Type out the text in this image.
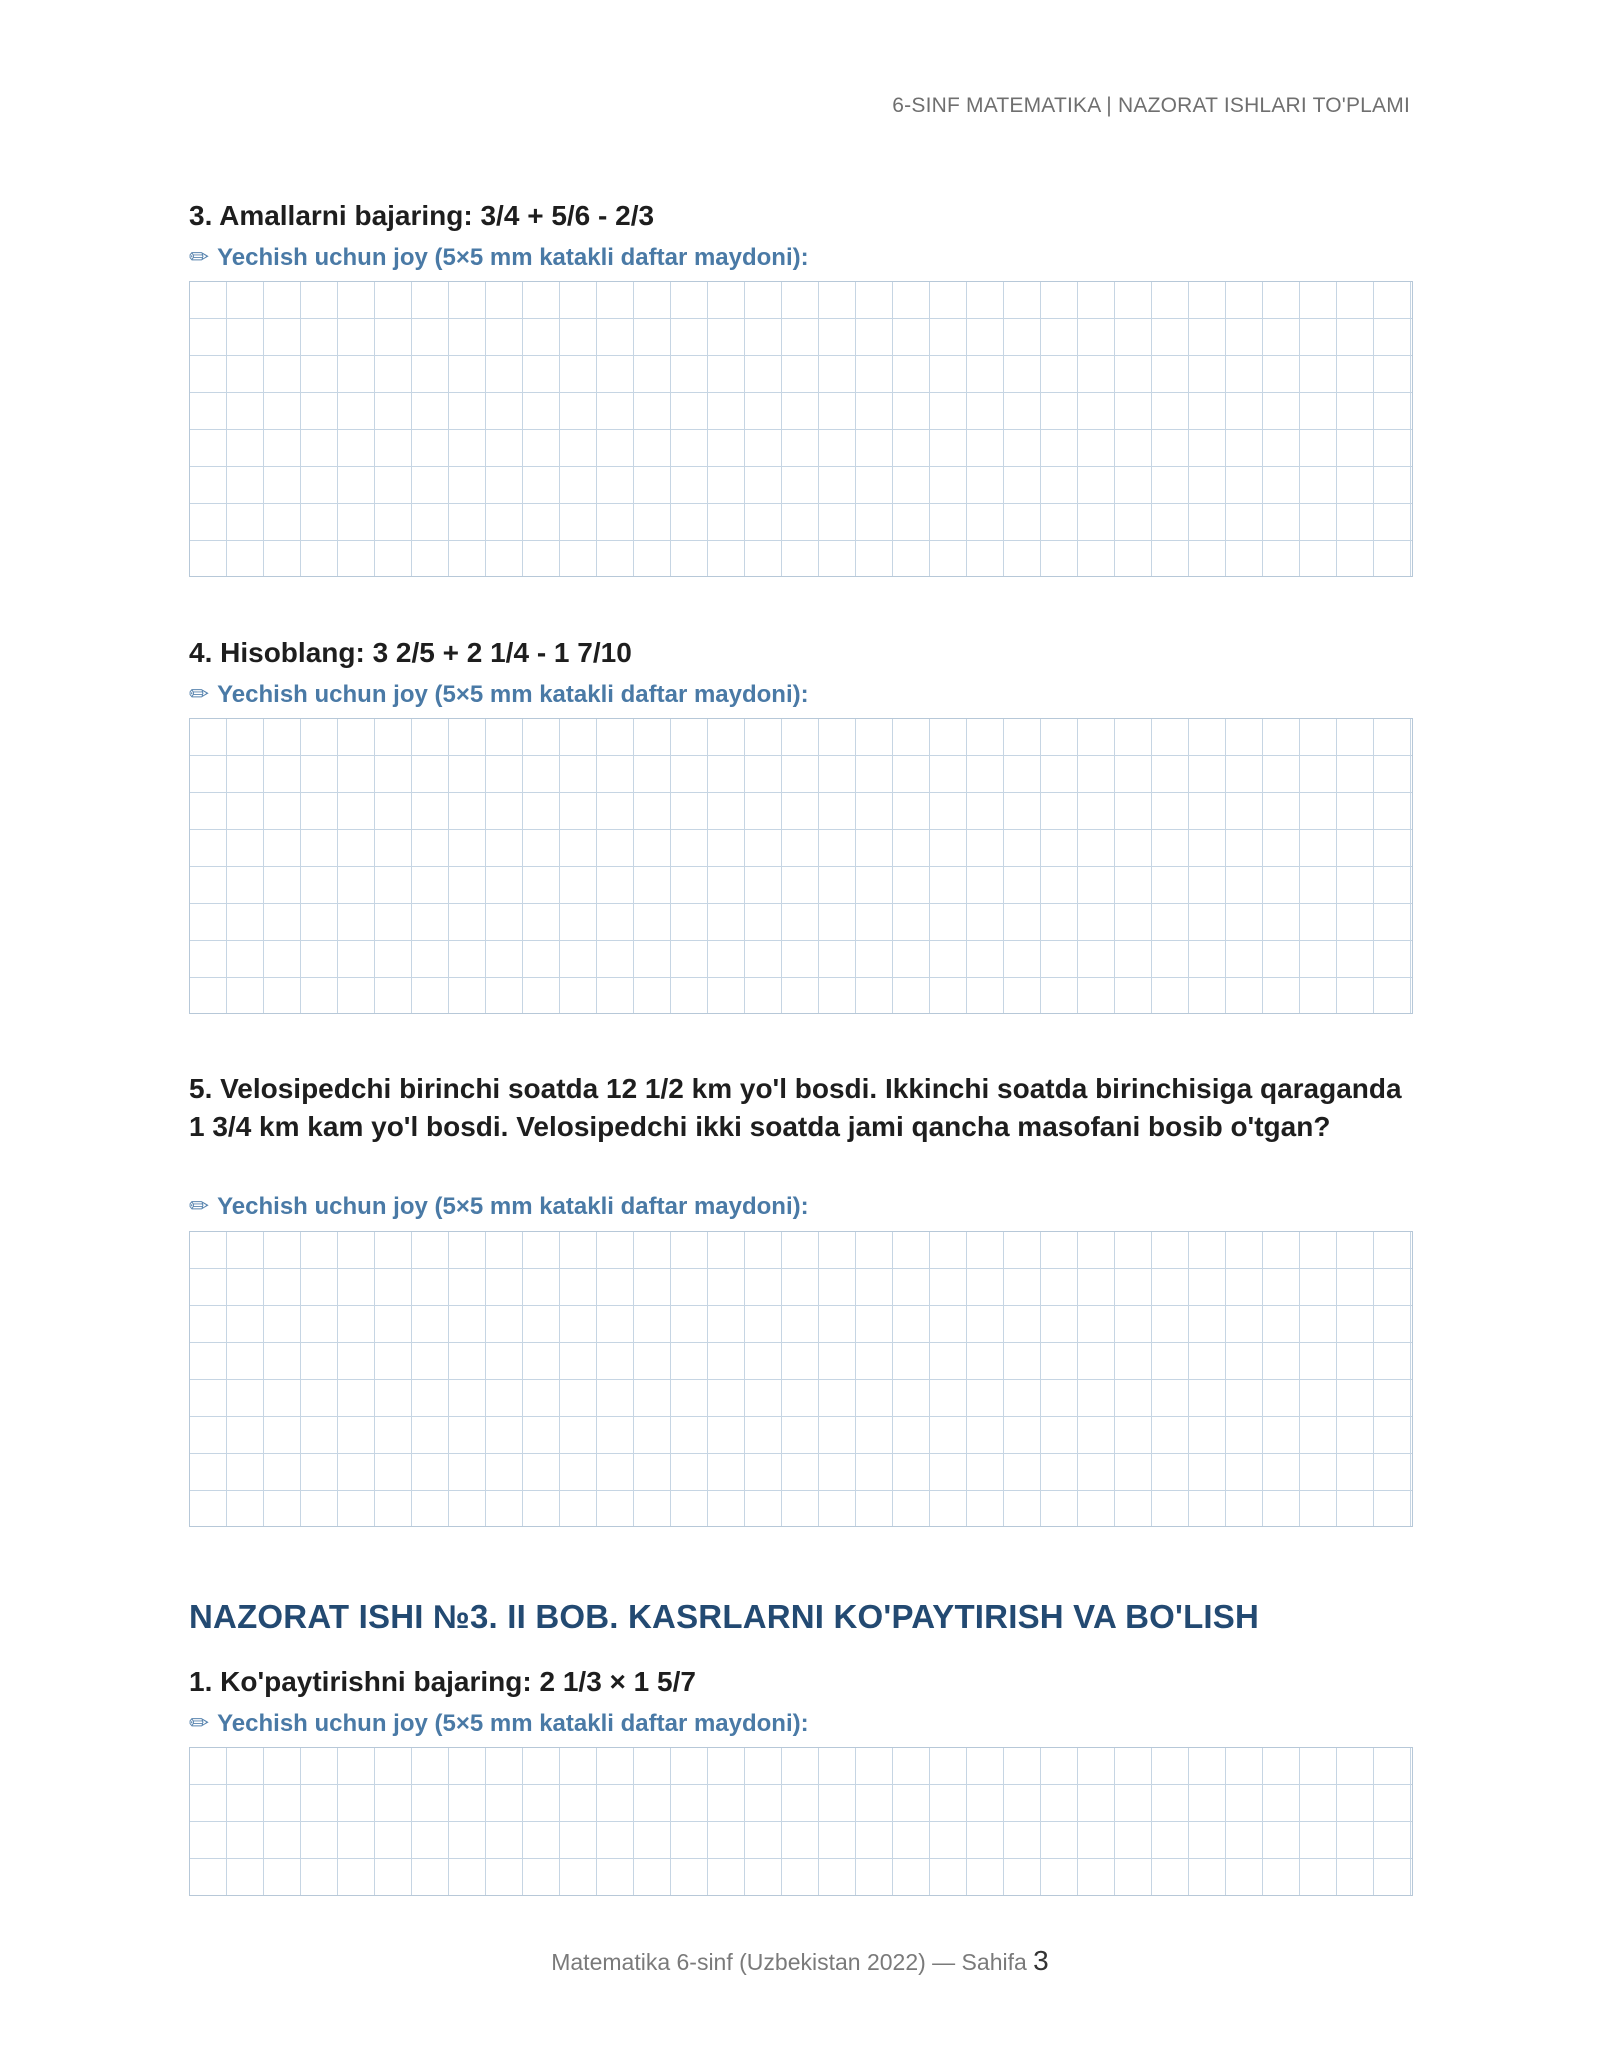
6-SINF MATEMATIKA | NAZORAT ISHLARI TO'PLAMI
3. Amallarni bajaring: 3/4 + 5/6 - 2/3
✏ Yechish uchun joy (5×5 mm katakli daftar maydoni):
4. Hisoblang: 3 2/5 + 2 1/4 - 1 7/10
✏ Yechish uchun joy (5×5 mm katakli daftar maydoni):
5. Velosipedchi birinchi soatda 12 1/2 km yo'l bosdi. Ikkinchi soatda birinchisiga qaraganda 1 3/4 km kam yo'l bosdi. Velosipedchi ikki soatda jami qancha masofani bosib o'tgan?
✏ Yechish uchun joy (5×5 mm katakli daftar maydoni):
NAZORAT ISHI №3. II BOB. KASRLARNI KO'PAYTIRISH VA BO'LISH
1. Ko'paytirishni bajaring: 2 1/3 × 1 5/7
✏ Yechish uchun joy (5×5 mm katakli daftar maydoni):
Matematika 6-sinf (Uzbekistan 2022) — Sahifa 3
